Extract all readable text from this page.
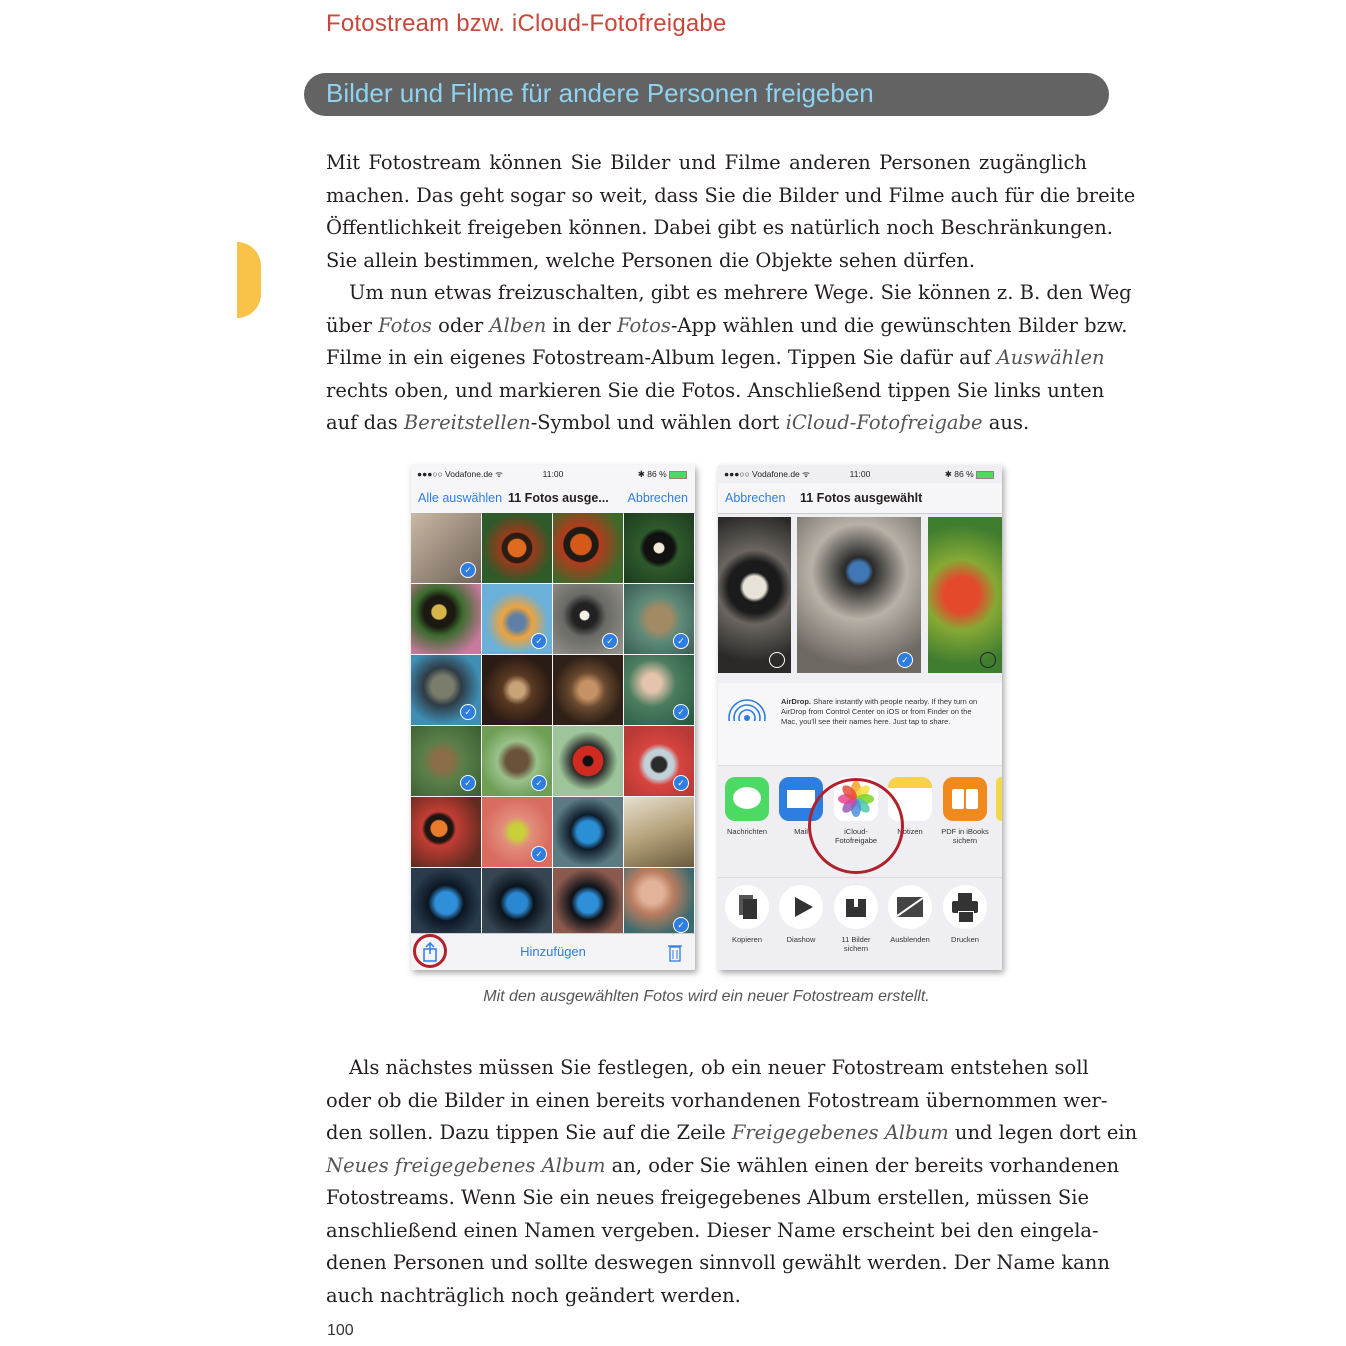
Fotostream bzw. iCloud-Fotofreigabe
Bilder und Filme für andere Personen freigeben
Mit Fotostream können Sie Bilder und Filme anderen Personen zugänglich
machen. Das geht sogar so weit, dass Sie die Bilder und Filme auch für die breite
Öffentlichkeit freigeben können. Dabei gibt es natürlich noch Beschränkungen.
Sie allein bestimmen, welche Personen die Objekte sehen dürfen.
Um nun etwas freizuschalten, gibt es mehrere Wege. Sie können z. B. den Weg
über Fotos oder Alben in der Fotos-App wählen und die gewünschten Bilder bzw.
Filme in ein eigenes Fotostream-Album legen. Tippen Sie dafür auf Auswählen
rechts oben, und markieren Sie die Fotos. Anschließend tippen Sie links unten
auf das Bereitstellen-Symbol und wählen dort iCloud-Fotofreigabe aus.
●●●○○ Vodafone.de ᯤ	11:00	✱ 86 %
Alle auswählen 11 Fotos ausge... Abbrechen
✓
✓	✓	✓
✓	✓
✓	✓	✓
✓
✓
Hinzufügen
●●●○○ Vodafone.de ᯤ	11:00	✱ 86 %
Abbrechen 11 Fotos ausgewählt
✓
AirDrop. Share instantly with people nearby. If they turn on AirDrop from Control Center on iOS or from Finder on the Mac, you'll see their names here. Just tap to share.
Nachrichten	Mail	iCloud-Fotofreigabe
Notizen	PDF in iBooks sichern
Kopieren	Diashow	11 Bilder sichern
Ausblenden	Drucken
Mit den ausgewählten Fotos wird ein neuer Fotostream erstellt.
Als nächstes müssen Sie festlegen, ob ein neuer Fotostream entstehen soll
oder ob die Bilder in einen bereits vorhandenen Fotostream übernommen wer-
den sollen. Dazu tippen Sie auf die Zeile Freigegebenes Album und legen dort ein
Neues freigegebenes Album an, oder Sie wählen einen der bereits vorhandenen
Fotostreams. Wenn Sie ein neues freigegebenes Album erstellen, müssen Sie
anschließend einen Namen vergeben. Dieser Name erscheint bei den eingela-
denen Personen und sollte deswegen sinnvoll gewählt werden. Der Name kann
auch nachträglich noch geändert werden.
100
